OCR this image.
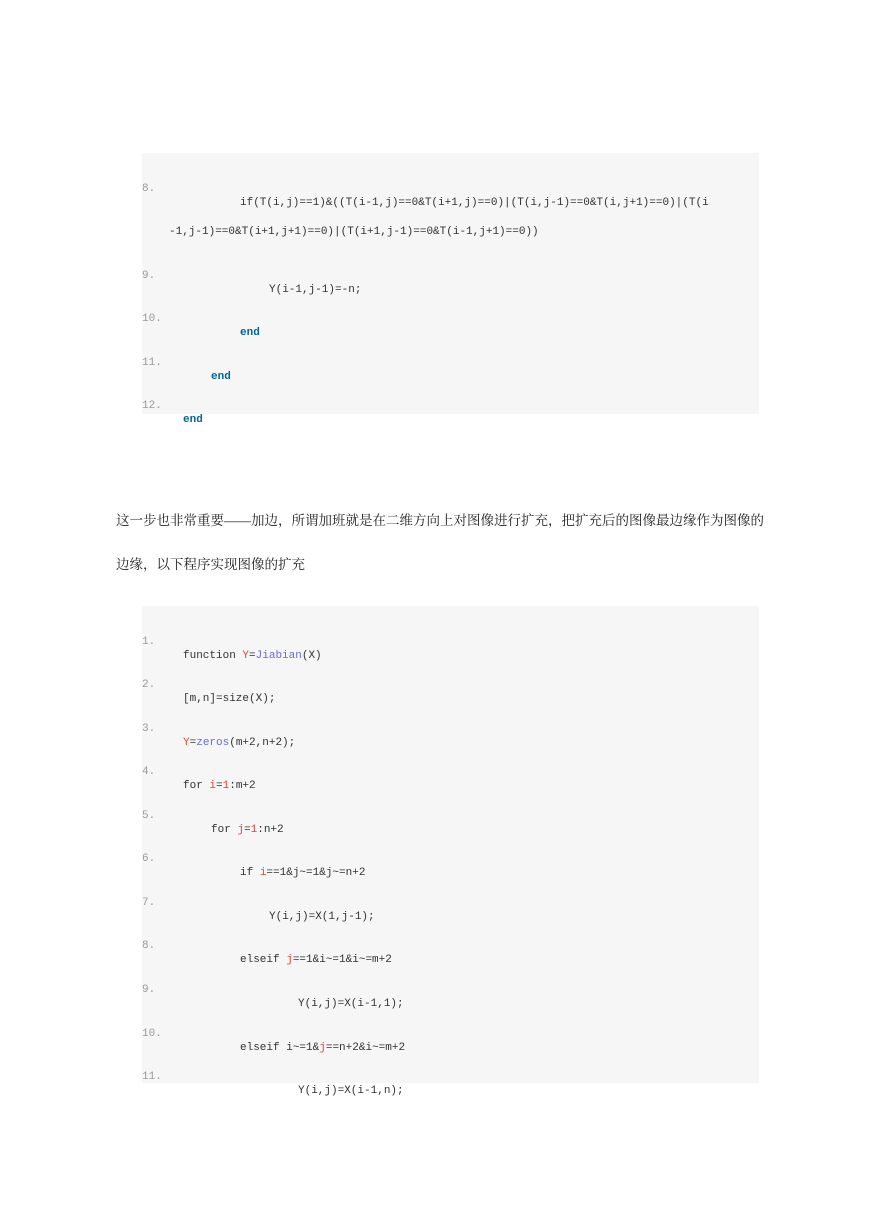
8.

if(T(i,j)==1)&((T(i-1,j)==0&T(i+1,j)==0)|(T(i,j-1)==0&T(i,j+1)==0)|(T(i

-1,j-1)==0&T(i+1,j+1)==0)|(T(i+1,j-1)==0&T(i-1,j+1)==0))

9.

Y(i-1,j-1)=-n;

10.

end

11.

end

12.

end

这一步也非常重要——加边，所谓加班就是在二维方向上对图像进行扩充，把扩充后的图像最边缘作为图像的
边缘，以下程序实现图像的扩充

1.

function Y=Jiabian(X)

2.

[m,n]=size(X);

3.

Y=zeros(m+2,n+2);

4.

for i=1:m+2

5.

for j=1:n+2

6.

if i==1&j~=1&j~=n+2

7.

Y(i,j)=X(1,j-1);

8.

elseif j==1&i~=1&i~=m+2

9.

Y(i,j)=X(i-1,1);

10.

elseif i~=1&j==n+2&i~=m+2

11.

Y(i,j)=X(i-1,n);
